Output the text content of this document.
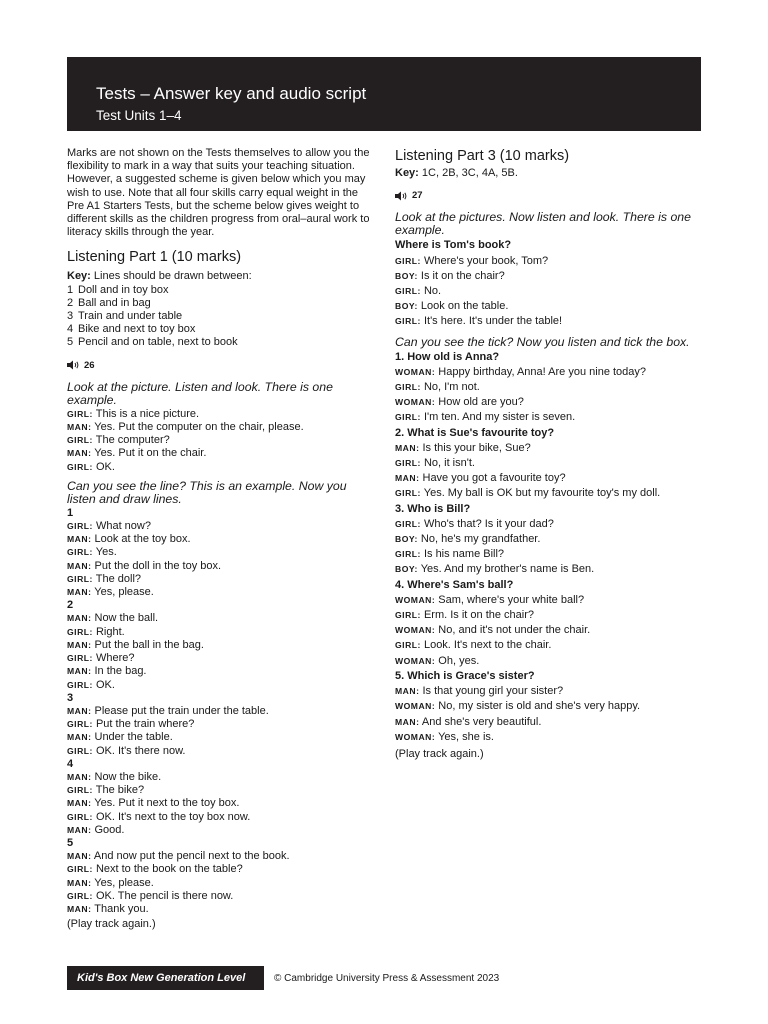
Tests – Answer key and audio script
Test Units 1–4

Marks are not shown on the Tests themselves to allow you the flexibility to mark in a way that suits your teaching situation. However, a suggested scheme is given below which you may wish to use. Note that all four skills carry equal weight in the Pre A1 Starters Tests, but the scheme below gives weight to different skills as the children progress from oral–aural work to literacy skills through the year.

Listening Part 1 (10 marks)

Key: Lines should be drawn between:

1 Doll and in toy box
2 Ball and in bag
3 Train and under table
4 Bike and next to toy box
5 Pencil and on table, next to book
26
Look at the picture. Listen and look. There is one example.

GIRL: This is a nice picture.

MAN: Yes. Put the computer on the chair, please.

GIRL: The computer?

MAN: Yes. Put it on the chair.

GIRL: OK.

Can you see the line? This is an example. Now you listen and draw lines.

1

GIRL: What now?

MAN: Look at the toy box.

GIRL: Yes.

MAN: Put the doll in the toy box.

GIRL: The doll?

MAN: Yes, please.

2

MAN: Now the ball.

GIRL: Right.

MAN: Put the ball in the bag.

GIRL: Where?

MAN: In the bag.

GIRL: OK.

3

MAN: Please put the train under the table.

GIRL: Put the train where?

MAN: Under the table.

GIRL: OK. It's there now.

4

MAN: Now the bike.

GIRL: The bike?

MAN: Yes. Put it next to the toy box.

GIRL: OK. It's next to the toy box now.

MAN: Good.

5

MAN: And now put the pencil next to the book.

GIRL: Next to the book on the table?

MAN: Yes, please.

GIRL: OK. The pencil is there now.

MAN: Thank you.

(Play track again.)

Listening Part 3 (10 marks)

Key: 1C, 2B, 3C, 4A, 5B.

27
Look at the pictures. Now listen and look. There is one example.

Where is Tom's book?

GIRL: Where's your book, Tom?

BOY: Is it on the chair?

GIRL: No.

BOY: Look on the table.

GIRL: It's here. It's under the table!

Can you see the tick? Now you listen and tick the box.

1. How old is Anna?

WOMAN: Happy birthday, Anna! Are you nine today?

GIRL: No, I'm not.

WOMAN: How old are you?

GIRL: I'm ten. And my sister is seven.

2. What is Sue's favourite toy?

MAN: Is this your bike, Sue?

GIRL: No, it isn't.

MAN: Have you got a favourite toy?

GIRL: Yes. My ball is OK but my favourite toy's my doll.

3. Who is Bill?

GIRL: Who's that? Is it your dad?

BOY: No, he's my grandfather.

GIRL: Is his name Bill?

BOY: Yes. And my brother's name is Ben.

4. Where's Sam's ball?

WOMAN: Sam, where's your white ball?

GIRL: Erm. Is it on the chair?

WOMAN: No, and it's not under the chair.

GIRL: Look. It's next to the chair.

WOMAN: Oh, yes.

5. Which is Grace's sister?

MAN: Is that young girl your sister?

WOMAN: No, my sister is old and she's very happy.

MAN: And she's very beautiful.

WOMAN: Yes, she is.

(Play track again.)

Kid's Box New Generation Level 1
© Cambridge University Press & Assessment 2023
